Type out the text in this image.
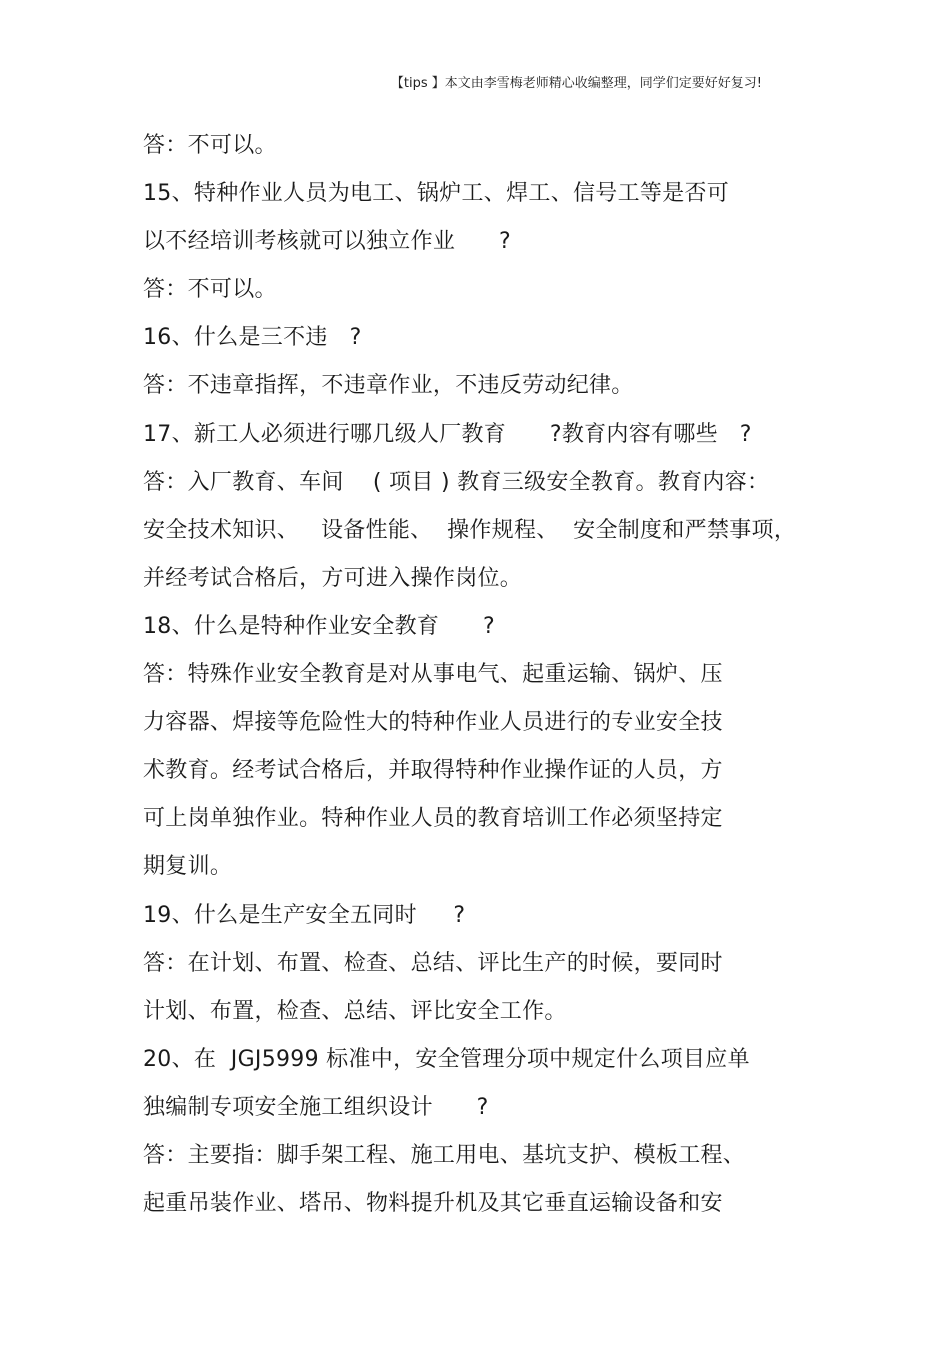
【tips 】本文由李雪梅老师精心收编整理，同学们定要好好复习!
答：不可以。
15、特种作业人员为电工、锅炉工、焊工、信号工等是否可
以不经培训考核就可以独立作业      ?
答：不可以。
16、什么是三不违   ?
答：不违章指挥，不违章作业，不违反劳动纪律。
17、新工人必须进行哪几级人厂教育      ?教育内容有哪些   ?
答：入厂教育、车间    ( 项目 ) 教育三级安全教育。教育内容：
安全技术知识、   设备性能、  操作规程、  安全制度和严禁事项，
并经考试合格后，方可进入操作岗位。
18、什么是特种作业安全教育      ?
答：特殊作业安全教育是对从事电气、起重运输、锅炉、压
力容器、焊接等危险性大的特种作业人员进行的专业安全技
术教育。经考试合格后，并取得特种作业操作证的人员，方
可上岗单独作业。特种作业人员的教育培训工作必须坚持定
期复训。
19、什么是生产安全五同时     ?
答：在计划、布置、检查、总结、评比生产的时候，要同时
计划、布置，检查、总结、评比安全工作。
20、在  JGJ5999 标准中，安全管理分项中规定什么项目应单
独编制专项安全施工组织设计      ?
答：主要指：脚手架工程、施工用电、基坑支护、模板工程、
起重吊装作业、塔吊、物料提升机及其它垂直运输设备和安
